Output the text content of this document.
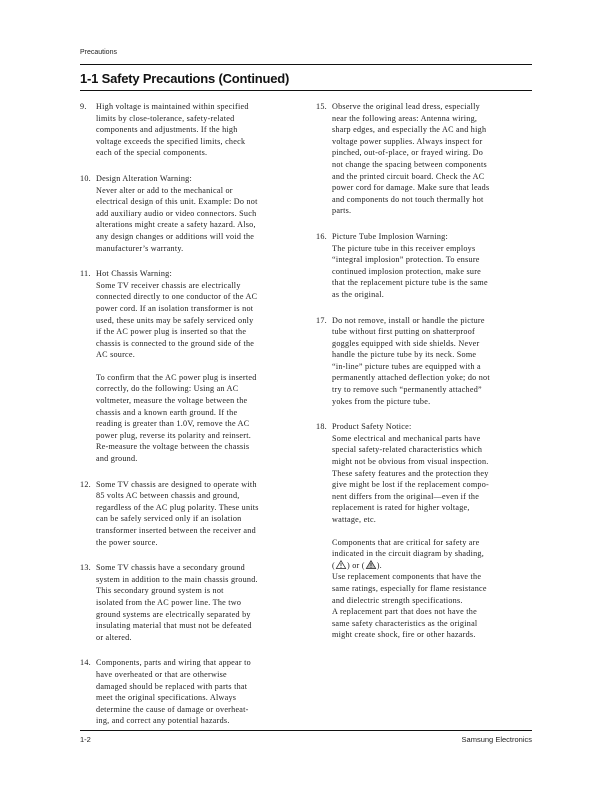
Precautions
1-1 Safety Precautions (Continued)
9. High voltage is maintained within specified
limits by close-tolerance, safety-related
components and adjustments. If the high
voltage exceeds the specified limits, check
each of the special components.
10. Design Alteration Warning:
Never alter or add to the mechanical or
electrical design of this unit. Example: Do not
add auxiliary audio or video connectors. Such
alterations might create a safety hazard. Also,
any design changes or additions will void the
manufacturer’s warranty.
11. Hot Chassis Warning:
Some TV receiver chassis are electrically
connected directly to one conductor of the AC
power cord. If an isolation transformer is not
used, these units may be safely serviced only
if the AC power plug is inserted so that the
chassis is connected to the ground side of the
AC source.
To confirm that the AC power plug is inserted
correctly, do the following: Using an AC
voltmeter, measure the voltage between the
chassis and a known earth ground. If the
reading is greater than 1.0V, remove the AC
power plug, reverse its polarity and reinsert.
Re-measure the voltage between the chassis
and ground.
12. Some TV chassis are designed to operate with
85 volts AC between chassis and ground,
regardless of the AC plug polarity. These units
can be safely serviced only if an isolation
transformer inserted between the receiver and
the power source.
13. Some TV chassis have a secondary ground
system in addition to the main chassis ground.
This secondary ground system is not
isolated from the AC power line. The two
ground systems are electrically separated by
insulating material that must not be defeated
or altered.
14. Components, parts and wiring that appear to
have overheated or that are otherwise
damaged should be replaced with parts that
meet the original specifications. Always
determine the cause of damage or overheat-
ing, and correct any potential hazards.
15. Observe the original lead dress, especially
near the following areas: Antenna wiring,
sharp edges, and especially the AC and high
voltage power supplies. Always inspect for
pinched, out-of-place, or frayed wiring. Do
not change the spacing between components
and the printed circuit board. Check the AC
power cord for damage. Make sure that leads
and components do not touch thermally hot
parts.
16. Picture Tube Implosion Warning:
The picture tube in this receiver employs
“integral implosion” protection. To ensure
continued implosion protection, make sure
that the replacement picture tube is the same
as the original.
17. Do not remove, install or handle the picture
tube without first putting on shatterproof
goggles equipped with side shields. Never
handle the picture tube by its neck. Some
“in-line” picture tubes are equipped with a
permanently attached deflection yoke; do not
try to remove such “permanently attached”
yokes from the picture tube.
18. Product Safety Notice:
Some electrical and mechanical parts have
special safety-related characteristics which
might not be obvious from visual inspection.
These safety features and the protection they
give might be lost if the replacement compo-
nent differs from the original—even if the
replacement is rated for higher voltage,
wattage, etc.
Components that are critical for safety are
indicated in the circuit diagram by shading,
( ) or ( ).
Use replacement components that have the
same ratings, especially for flame resistance
and dielectric strength specifications.
A replacement part that does not have the
same safety characteristics as the original
might create shock, fire or other hazards.
1-2	Samsung Electronics
